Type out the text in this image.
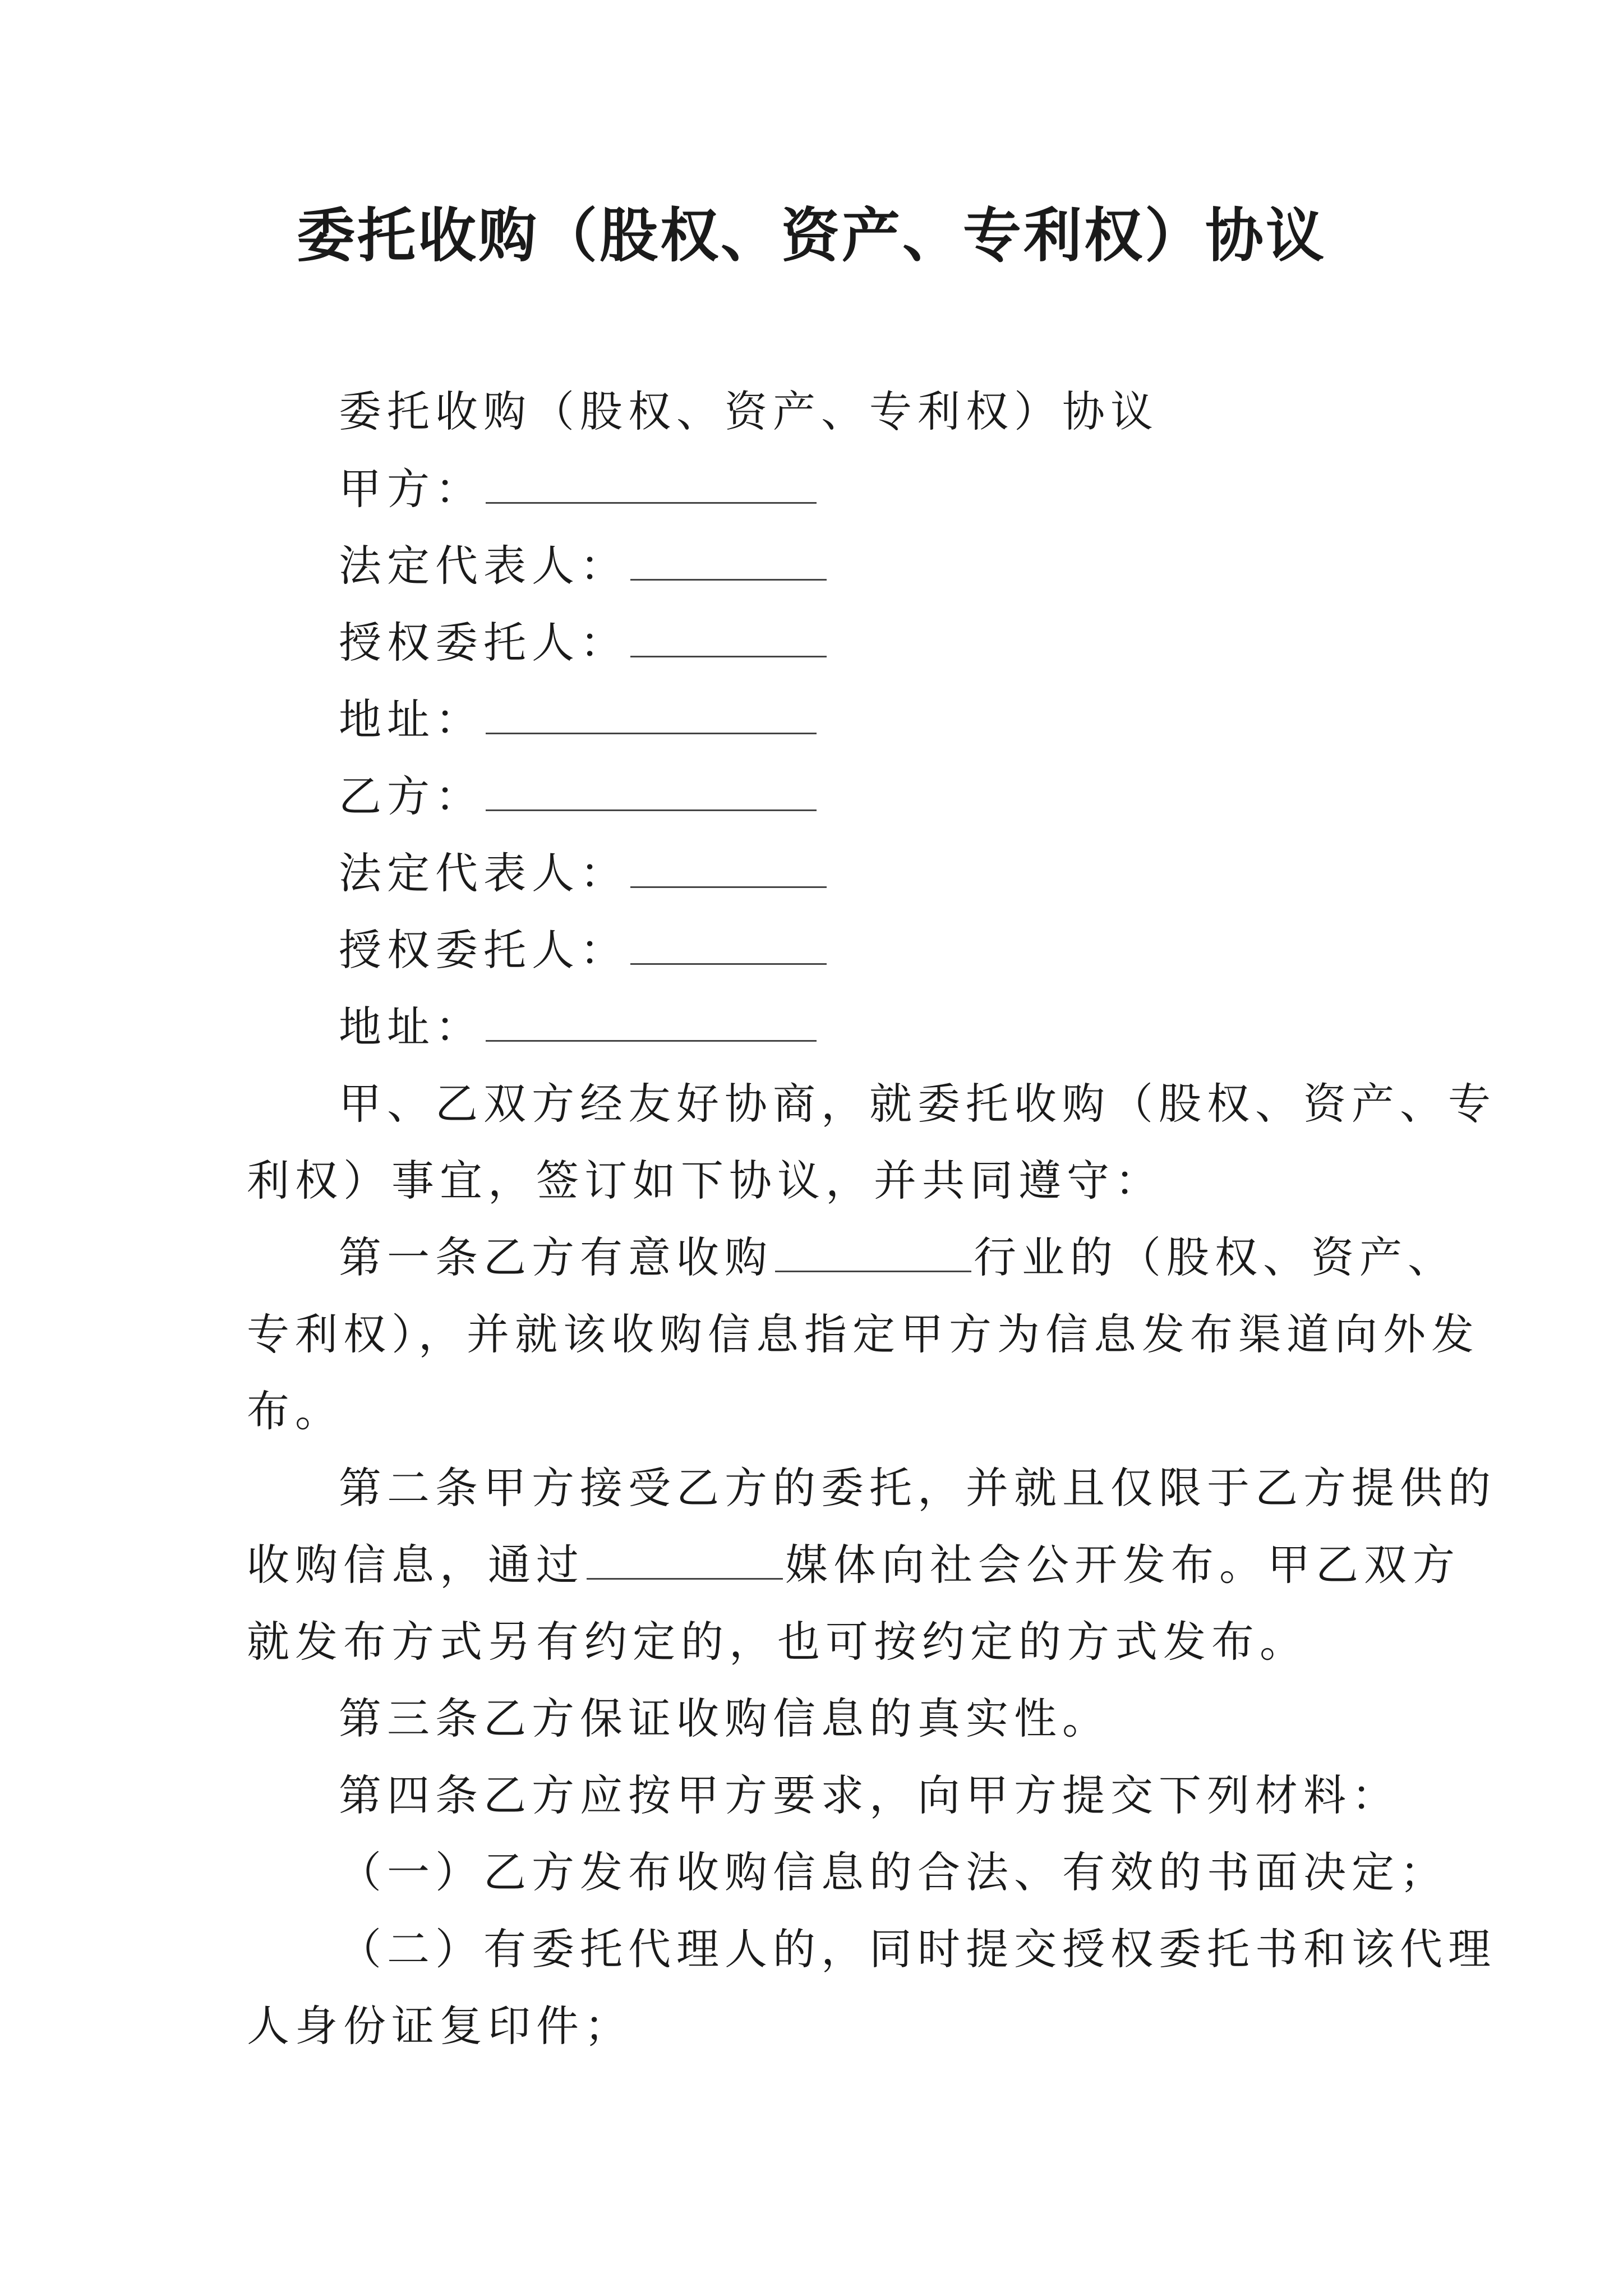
委托收购（股权、资产、专利权）协议
委托收购（股权、资产、专利权）协议
甲方：
法定代表人：
授权委托人：
地址：
乙方：
法定代表人：
授权委托人：
地址：
甲、乙双方经友好协商，就委托收购（股权、资产、专
利权）事宜，签订如下协议，并共同遵守：
第一条乙方有意收购	行业的（股权、资产、
专利权），并就该收购信息指定甲方为信息发布渠道向外发
布。
第二条甲方接受乙方的委托，并就且仅限于乙方提供的
收购信息，通过	媒体向社会公开发布。甲乙双方
就发布方式另有约定的，也可按约定的方式发布。
第三条乙方保证收购信息的真实性。
第四条乙方应按甲方要求，向甲方提交下列材料：
（一）乙方发布收购信息的合法、有效的书面决定；
（二）有委托代理人的，同时提交授权委托书和该代理
人身份证复印件；
